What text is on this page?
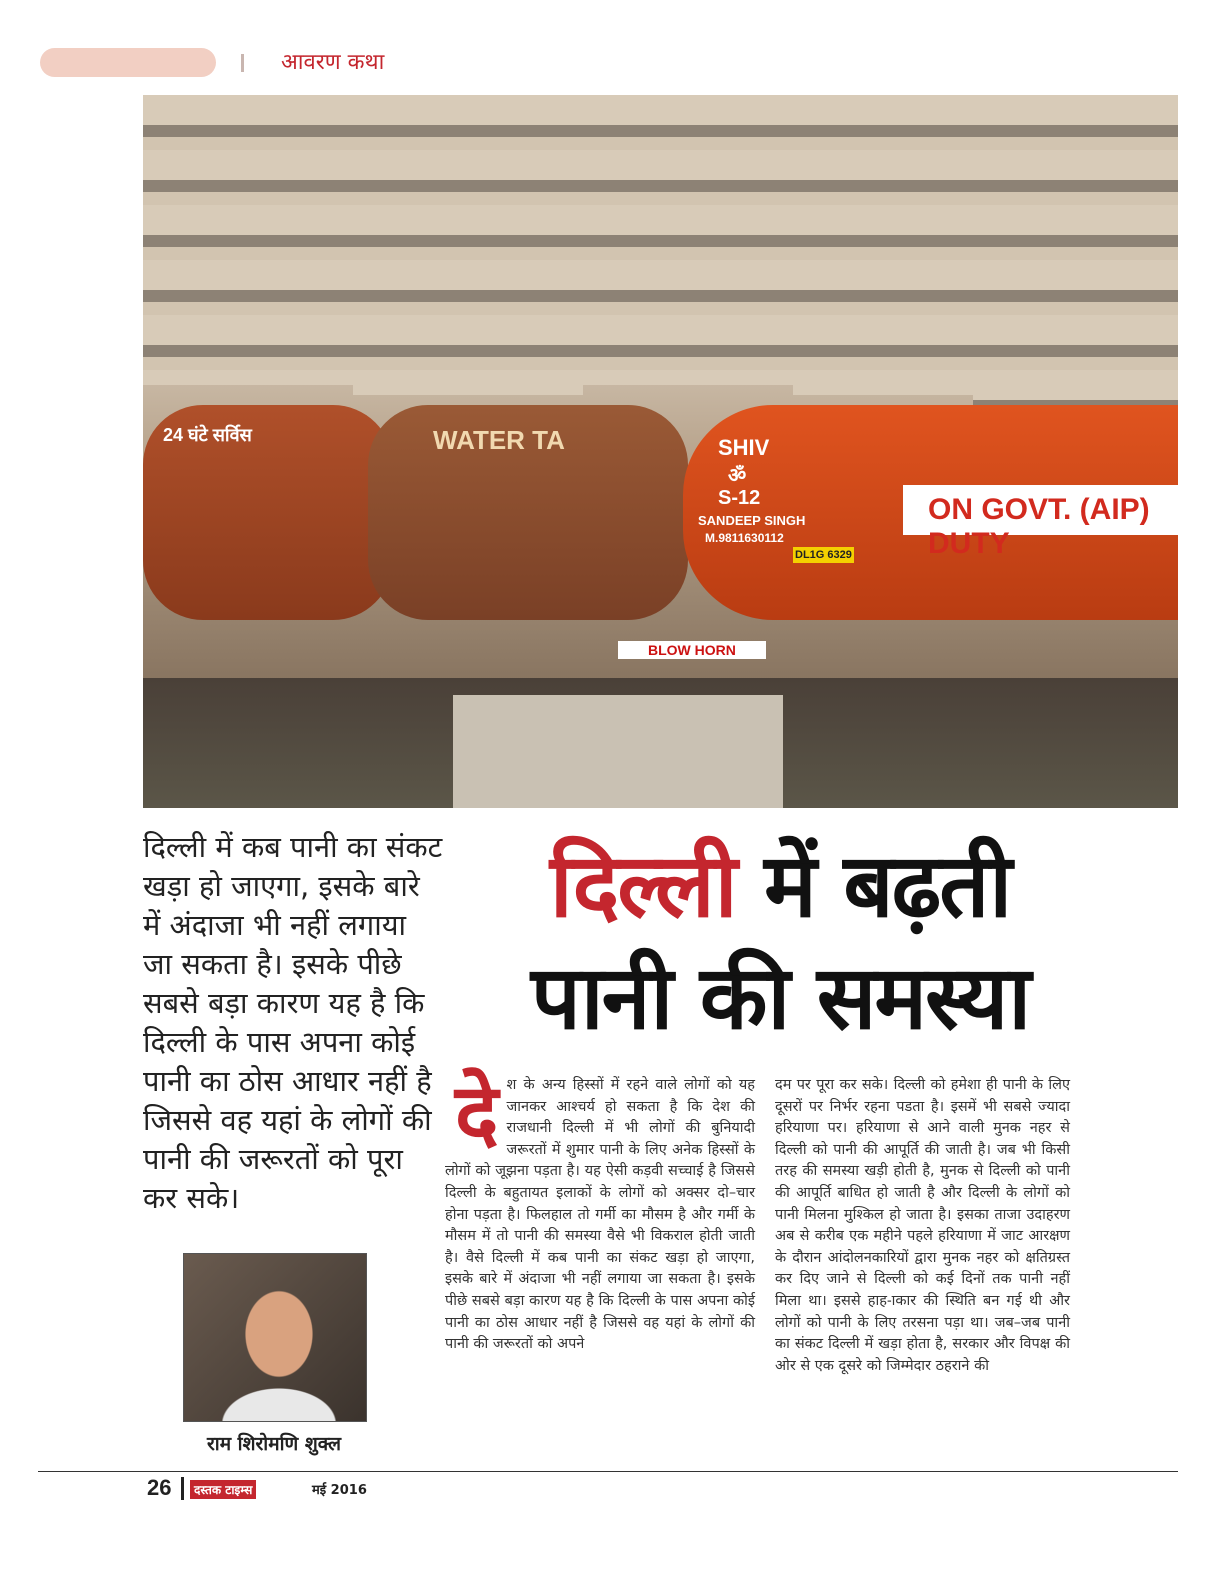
आवरण कथा
24 घंटे सर्विस	WATER TA	SHIV
ॐ
S-12
SANDEEP SINGH
M.9811630112
ON GOVT. (AIP) DUTY
DL1G 6329
BLOW HORN
दिल्ली में कब पानी का संकट खड़ा हो जाएगा, इसके बारे में अंदाजा भी नहीं लगाया जा सकता है। इसके पीछे सबसे बड़ा कारण यह है कि दिल्ली के पास अपना कोई पानी का ठोस आधार नहीं है जिससे वह यहां के लोगों की पानी की जरूरतों को पूरा कर सके।
राम शिरोमणि शुक्ल
दिल्ली में बढ़ती
पानी की समस्या
देश के अन्य हिस्सों में रहने वाले लोगों को यह जानकर आश्चर्य हो सकता है कि देश की राजधानी दिल्ली में भी लोगों की बुनियादी जरूरतों में शुमार पानी के लिए अनेक हिस्सों के लोगों को जूझना पड़ता है। यह ऐसी कड़वी सच्चाई है जिससे दिल्ली के बहुतायत इलाकों के लोगों को अक्सर दो–चार होना पड़ता है। फिलहाल तो गर्मी का मौसम है और गर्मी के मौसम में तो पानी की समस्या वैसे भी विकराल होती जाती है। वैसे दिल्ली में कब पानी का संकट खड़ा हो जाएगा, इसके बारे में अंदाजा भी नहीं लगाया जा सकता है। इसके पीछे सबसे बड़ा कारण यह है कि दिल्ली के पास अपना कोई पानी का ठोस आधार नहीं है जिससे वह यहां के लोगों की पानी की जरूरतों को अपने
दम पर पूरा कर सके। दिल्ली को हमेशा ही पानी के लिए दूसरों पर निर्भर रहना पडता है। इसमें भी सबसे ज्यादा हरियाणा पर। हरियाणा से आने वाली मुनक नहर से दिल्ली को पानी की आपूर्ति की जाती है। जब भी किसी तरह की समस्या खड़ी होती है, मुनक से दिल्ली को पानी की आपूर्ति बाधित हो जाती है और दिल्ली के लोगों को पानी मिलना मुश्किल हो जाता है। इसका ताजा उदाहरण अब से करीब एक महीने पहले हरियाणा में जाट आरक्षण के दौरान आंदोलनकारियों द्वारा मुनक नहर को क्षतिग्रस्त कर दिए जाने से दिल्ली को कई दिनों तक पानी नहीं मिला था। इससे हाह-ाकार की स्थिति बन गई थी और लोगों को पानी के लिए तरसना पड़ा था। जब–जब पानी का संकट दिल्ली में खड़ा होता है, सरकार और विपक्ष की ओर से एक दूसरे को जिम्मेदार ठहराने की
26	दस्तक टाइम्स	मई 2016
